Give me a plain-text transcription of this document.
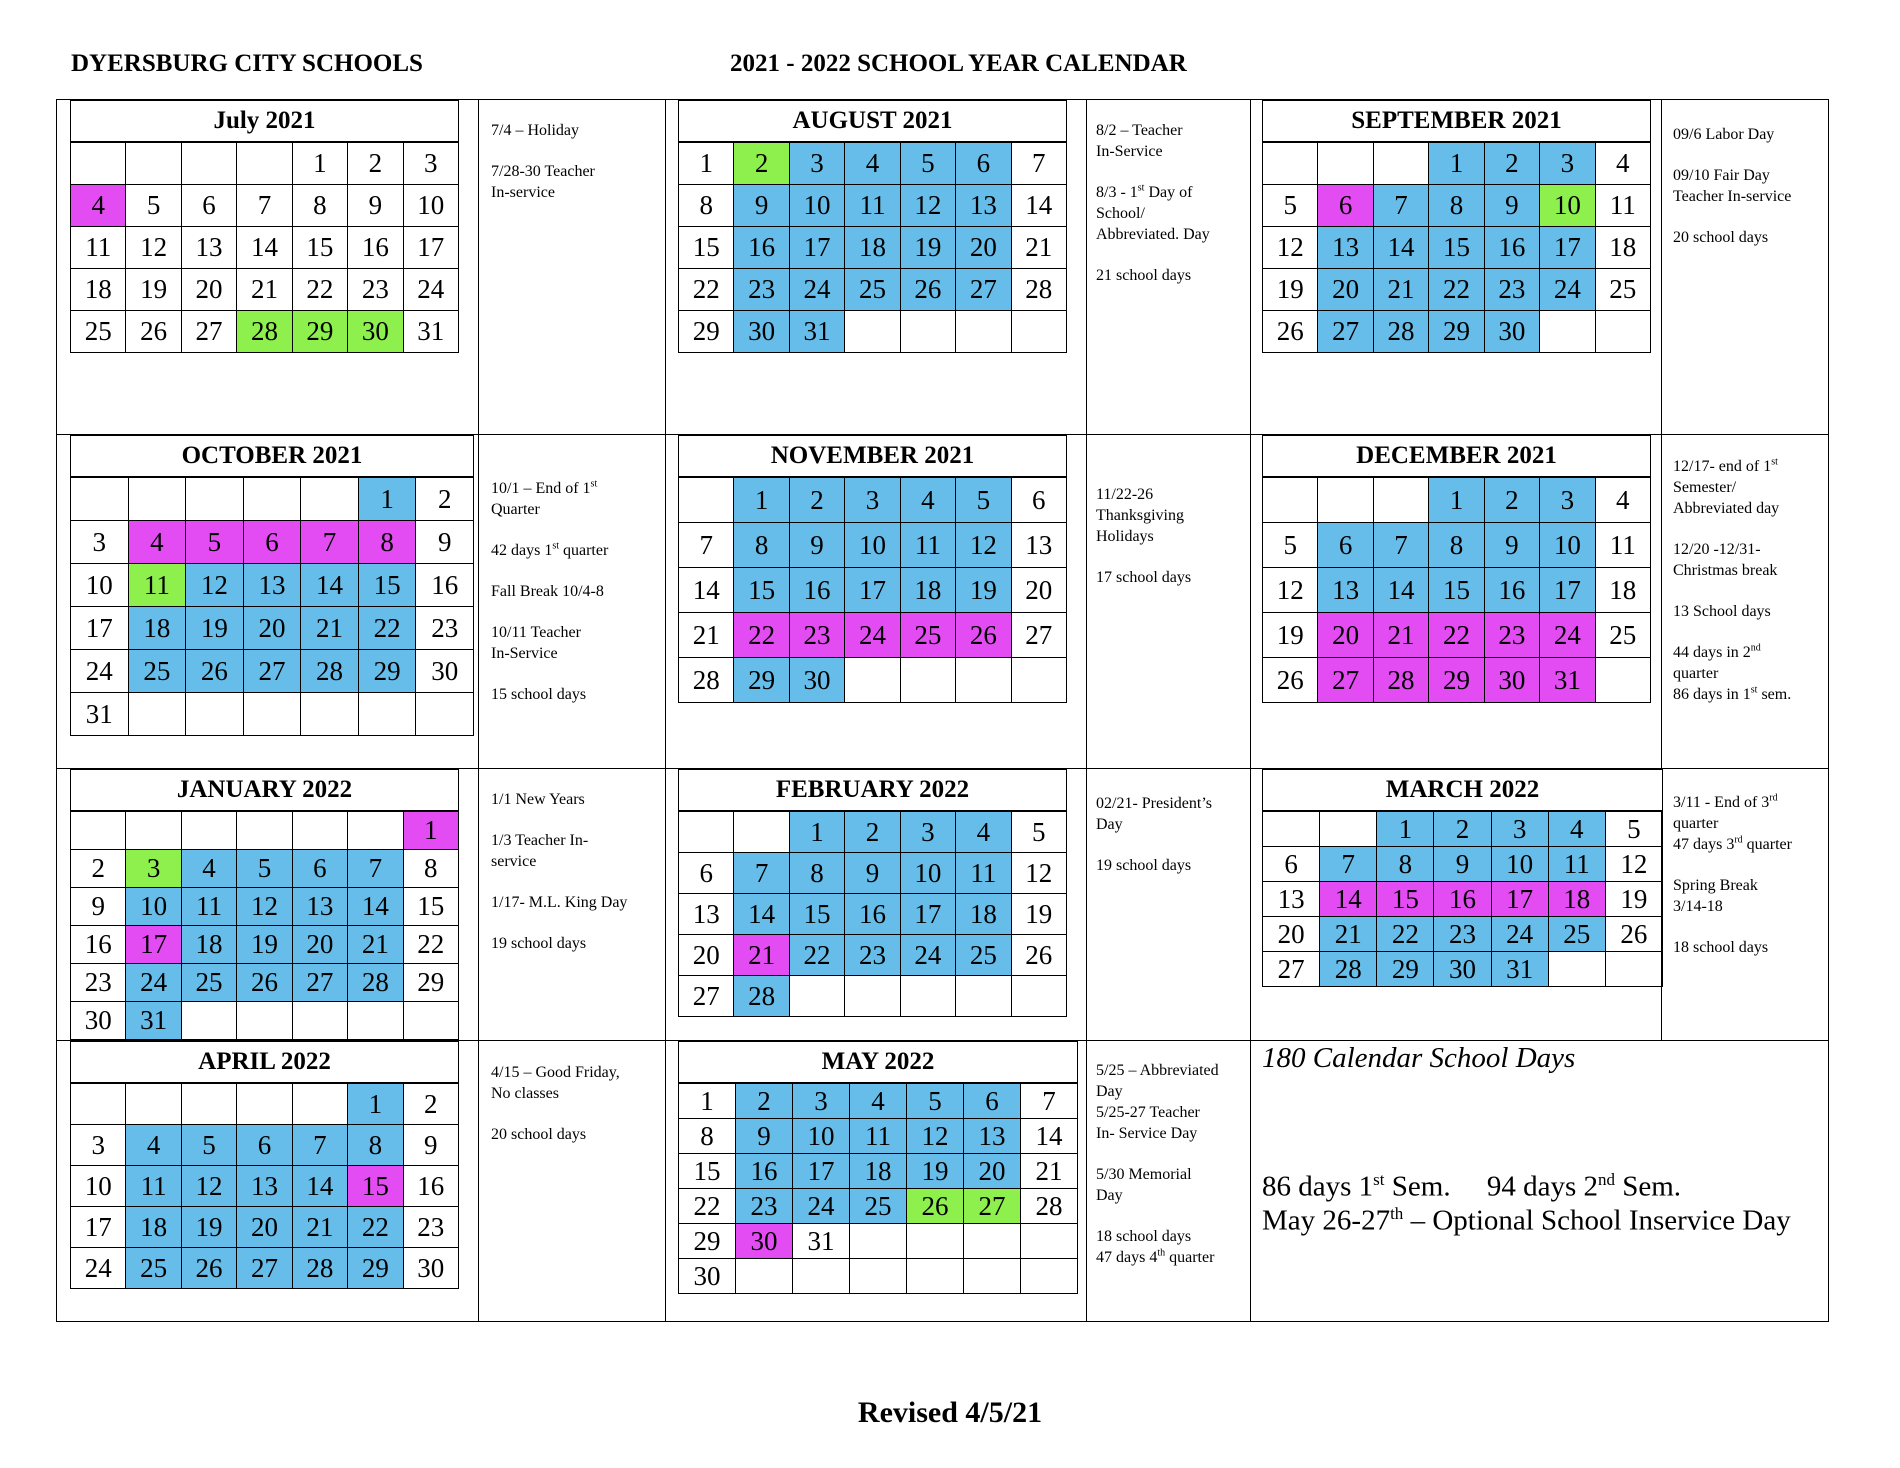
DYERSBURG CITY SCHOOLS	2021 - 2022 SCHOOL YEAR CALENDAR
July 2021
				1	2	3
4	5	6	7	8	9	10
11	12	13	14	15	16	17
18	19	20	21	22	23	24
25	26	27	28	29	30	31
AUGUST 2021
1	2	3	4	5	6	7
8	9	10	11	12	13	14
15	16	17	18	19	20	21
22	23	24	25	26	27	28
29	30	31				
SEPTEMBER 2021
			1	2	3	4
5	6	7	8	9	10	11
12	13	14	15	16	17	18
19	20	21	22	23	24	25
26	27	28	29	30		
OCTOBER 2021
					1	2
3	4	5	6	7	8	9
10	11	12	13	14	15	16
17	18	19	20	21	22	23
24	25	26	27	28	29	30
31						
NOVEMBER 2021
	1	2	3	4	5	6
7	8	9	10	11	12	13
14	15	16	17	18	19	20
21	22	23	24	25	26	27
28	29	30				
DECEMBER 2021
			1	2	3	4
5	6	7	8	9	10	11
12	13	14	15	16	17	18
19	20	21	22	23	24	25
26	27	28	29	30	31	
JANUARY 2022
						1
2	3	4	5	6	7	8
9	10	11	12	13	14	15
16	17	18	19	20	21	22
23	24	25	26	27	28	29
30	31					
FEBRUARY 2022
		1	2	3	4	5
6	7	8	9	10	11	12
13	14	15	16	17	18	19
20	21	22	23	24	25	26
27	28					
MARCH 2022
		1	2	3	4	5
6	7	8	9	10	11	12
13	14	15	16	17	18	19
20	21	22	23	24	25	26
27	28	29	30	31		
APRIL 2022
					1	2
3	4	5	6	7	8	9
10	11	12	13	14	15	16
17	18	19	20	21	22	23
24	25	26	27	28	29	30
MAY 2022
1	2	3	4	5	6	7
8	9	10	11	12	13	14
15	16	17	18	19	20	21
22	23	24	25	26	27	28
29	30	31				
30						

7/4 – Holiday

7/28-30 Teacher
In-service

8/2 – Teacher
In-Service

8/3 - 1st Day of
School/
Abbreviated. Day

21 school days

09/6 Labor Day

09/10 Fair Day
Teacher In-service

20 school days

10/1 – End of 1st
Quarter

42 days 1st quarter

Fall Break 10/4-8

10/11 Teacher
In-Service

15 school days

11/22-26
Thanksgiving
Holidays

17 school days

12/17- end of 1st
Semester/
Abbreviated day

12/20 -12/31-
Christmas break

13 School days

44 days in 2nd
quarter
86 days in 1st sem.

1/1 New Years

1/3 Teacher In-
service

1/17- M.L. King Day

19 school days

02/21- President’s
Day

19 school days

3/11 - End of 3rd
quarter
47 days 3rd quarter

Spring Break
3/14-18

18 school days

4/15 – Good Friday,
No classes

20 school days

5/25 – Abbreviated
Day
5/25-27 Teacher
In- Service Day

5/30 Memorial
Day

18 school days
47 days 4th quarter

180 Calendar School Days
86 days 1st Sem.     94 days 2nd Sem.
May 26-27th – Optional School Inservice Day
Revised 4/5/21
